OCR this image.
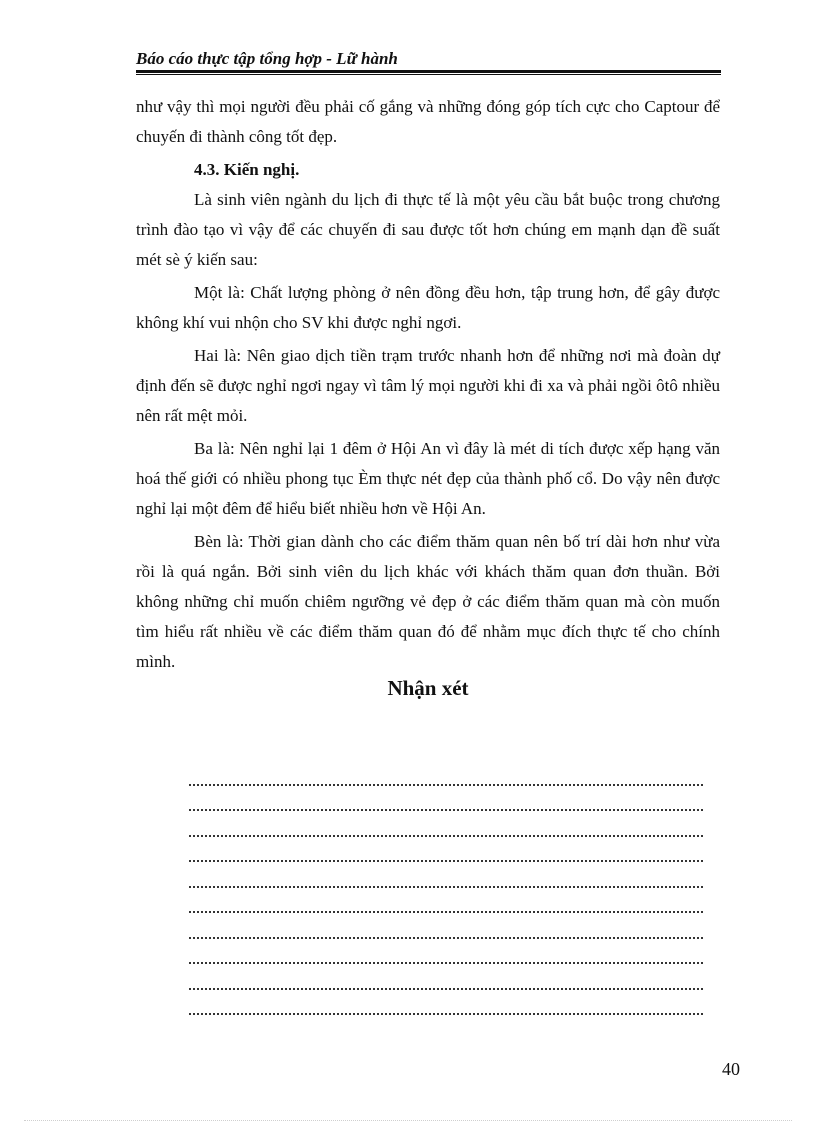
Báo cáo thực tập tổng hợp - Lữ hành

như vậy thì mọi người đều phải cố gắng và những đóng góp tích cực cho Captour để chuyến đi thành công tốt đẹp.

4.3. Kiến nghị.

Là sinh viên ngành du lịch đi thực tế là một yêu cầu bắt buộc trong chương trình đào tạo vì vậy để các chuyến đi sau được tốt hơn chúng em mạnh dạn đề suất mét sè ý kiến sau:

Một là: Chất lượng phòng ở nên đồng đều hơn, tập trung hơn, để gây được không khí vui nhộn cho SV khi được nghỉ ngơi.

Hai là: Nên giao dịch tiền trạm trước nhanh hơn để những nơi mà đoàn dự định đến sẽ được nghỉ ngơi ngay vì tâm lý mọi người khi đi xa và phải ngồi ôtô nhiều nên rất mệt mỏi.

Ba là: Nên nghỉ lại 1 đêm ở Hội An vì đây là mét di tích được xếp hạng văn hoá thế giới có nhiều phong tục Èm thực nét đẹp của thành phố cổ. Do vậy nên được nghỉ lại một đêm để hiểu biết nhiều hơn về Hội An.

Bèn là: Thời gian dành cho các điểm thăm quan nên bố trí dài hơn như vừa rồi là quá ngắn. Bởi sinh viên du lịch khác với khách thăm quan đơn thuần. Bởi không những chỉ muốn chiêm ngưỡng vẻ đẹp ở các điểm thăm quan mà còn muốn tìm hiểu rất nhiều về các điểm thăm quan đó để nhằm mục đích thực tế cho chính mình.

Nhận xét
40
